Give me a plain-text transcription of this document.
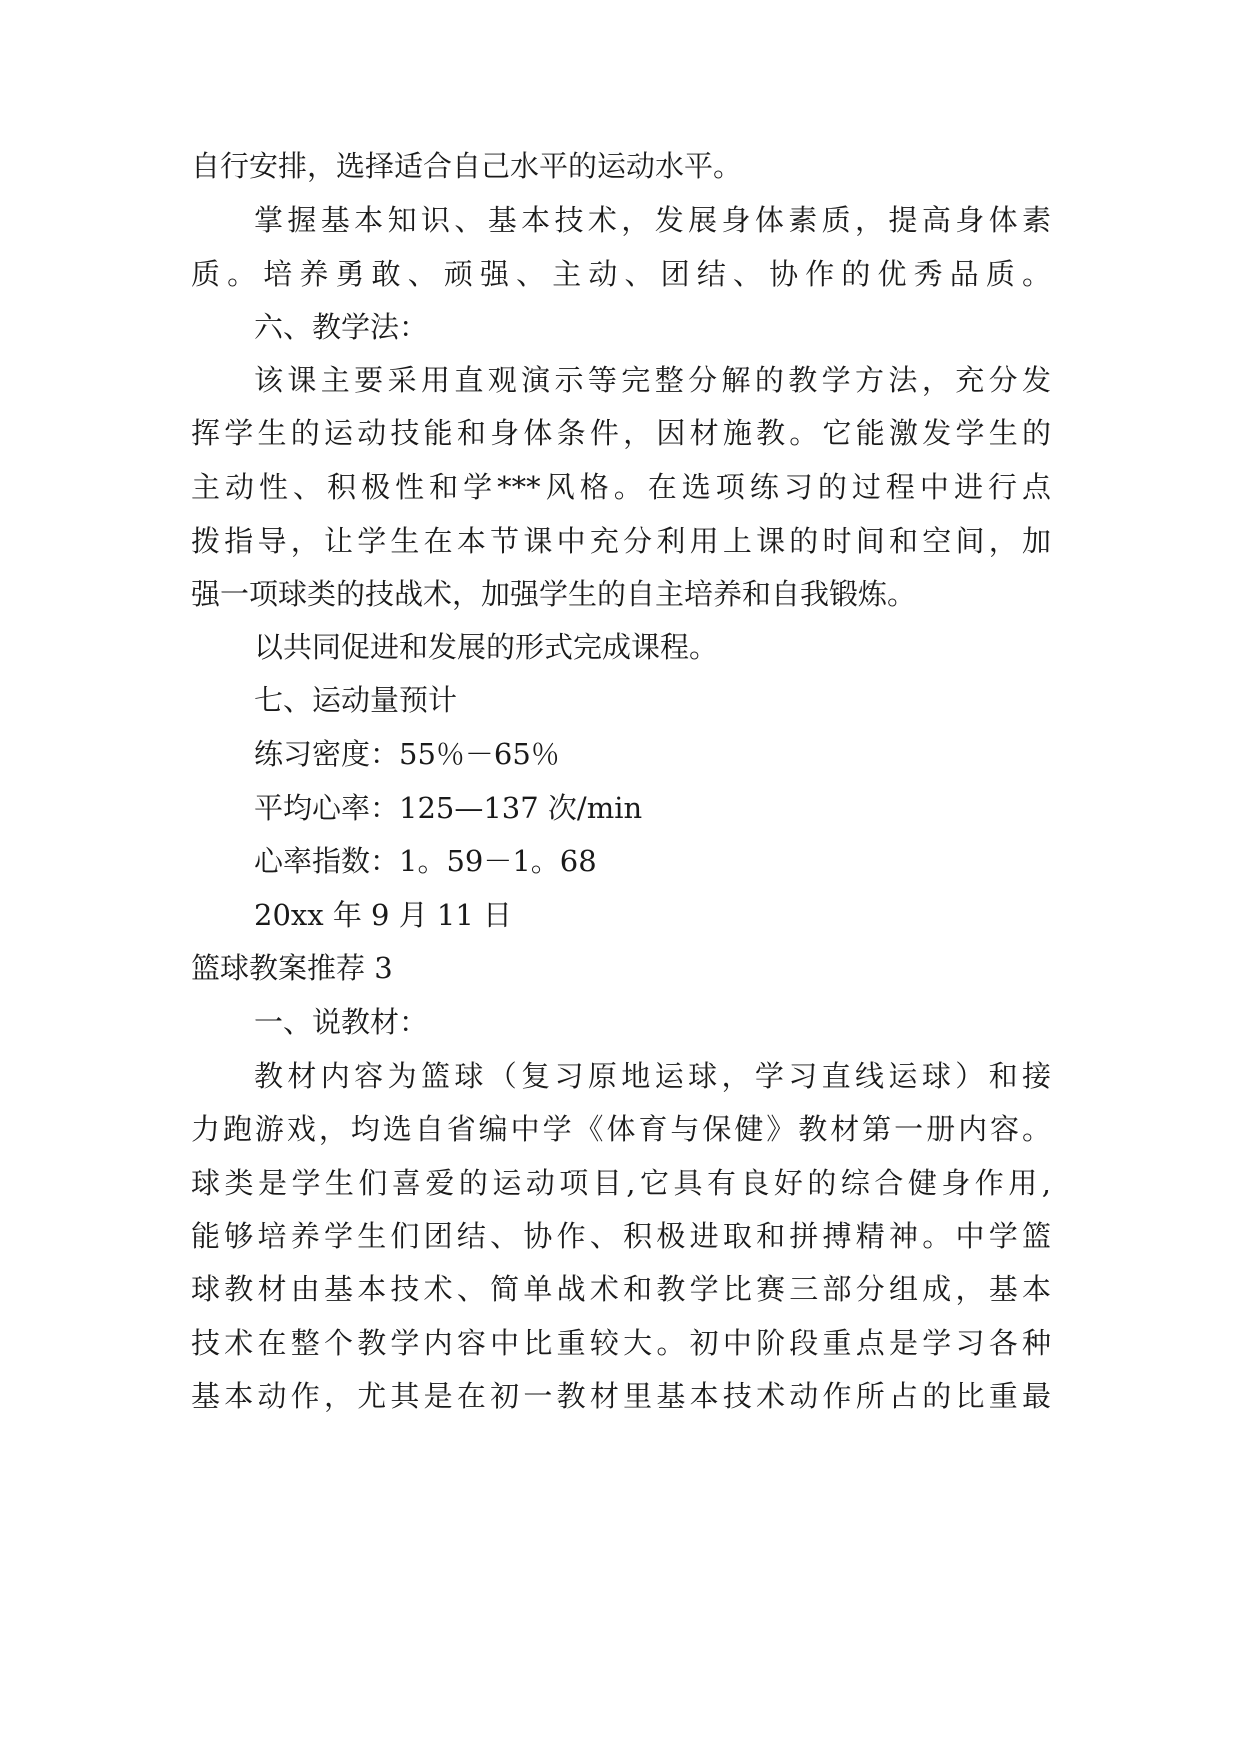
自行安排，选择适合自己水平的运动水平。
掌握基本知识、基本技术，发展身体素质，提高身体素
质。培养勇敢、顽强、主动、团结、协作的优秀品质。
六、教学法：
该课主要采用直观演示等完整分解的教学方法，充分发
挥学生的运动技能和身体条件，因材施教。它能激发学生的
主动性、积极性和学***风格。在选项练习的过程中进行点
拨指导，让学生在本节课中充分利用上课的时间和空间，加
强一项球类的技战术，加强学生的自主培养和自我锻炼。
以共同促进和发展的形式完成课程。
七、运动量预计
练习密度：55％－65％
平均心率：125—137 次/min
心率指数：1。59－1。68
20xx 年 9 月 11 日
篮球教案推荐 3
一、说教材：
教材内容为篮球（复习原地运球，学习直线运球）和接
力跑游戏，均选自省编中学《体育与保健》教材第一册内容。
球类是学生们喜爱的运动项目,它具有良好的综合健身作用,
能够培养学生们团结、协作、积极进取和拼搏精神。中学篮
球教材由基本技术、简单战术和教学比赛三部分组成，基本
技术在整个教学内容中比重较大。初中阶段重点是学习各种
基本动作，尤其是在初一教材里基本技术动作所占的比重最
